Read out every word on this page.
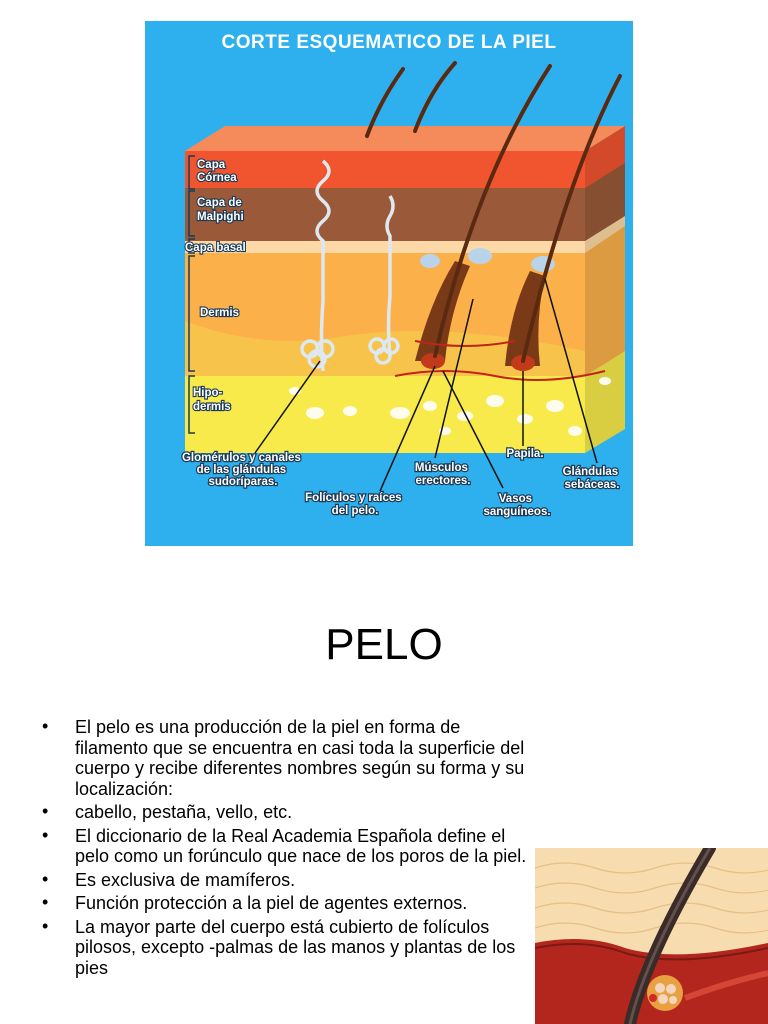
CORTE ESQUEMATICO DE LA PIEL
Capa Córnea
Capa de Malpighi
Capa basal
Dermis
Hipo- dermis
Glomérulos y canales de las glándulas sudoríparas.
Folículos y raíces del pelo.
Músculos erectores.
Vasos sanguíneos.
Papila.
Glándulas sebáceas.
PELO
• El pelo es una producción de la piel en forma de filamento que se encuentra en casi toda la superficie del cuerpo y recibe diferentes nombres según su forma y su localización:
• cabello, pestaña, vello, etc.
• El diccionario de la Real Academia Española define el pelo como un forúnculo que nace de los poros de la piel.
• Es exclusiva de mamíferos.
• Función protección a la piel de agentes externos.
• La mayor parte del cuerpo está cubierto de folículos pilosos, excepto -palmas de las manos y plantas de los pies
